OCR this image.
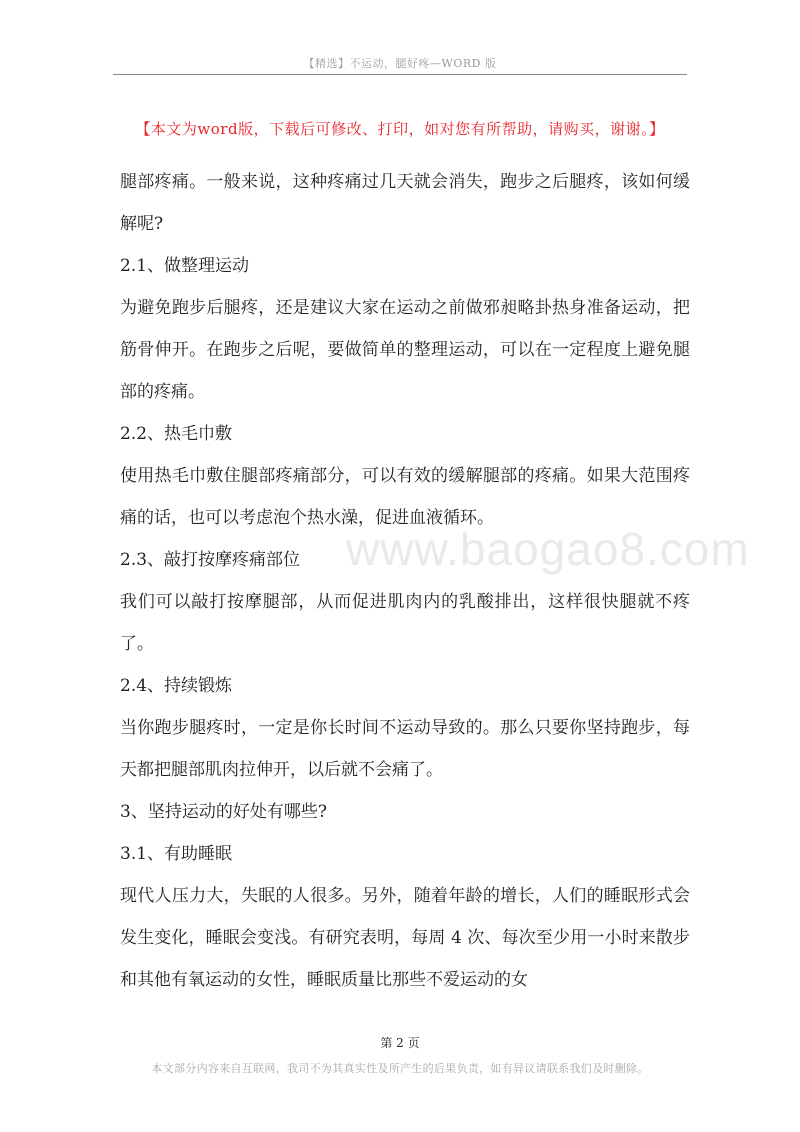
【精选】不运动，腿好疼—WORD 版
【本文为word版，下载后可修改、打印，如对您有所帮助，请购买，谢谢。】
www.baogao8.com

腿部疼痛。一般来说，这种疼痛过几天就会消失，跑步之后腿疼，该如何缓解呢?

2.1、做整理运动

为避免跑步后腿疼，还是建议大家在运动之前做邪昶略卦热身准备运动，把筋骨伸开。在跑步之后呢，要做简单的整理运动，可以在一定程度上避免腿部的疼痛。

2.2、热毛巾敷

使用热毛巾敷住腿部疼痛部分，可以有效的缓解腿部的疼痛。如果大范围疼痛的话，也可以考虑泡个热水澡，促进血液循环。

2.3、敲打按摩疼痛部位

我们可以敲打按摩腿部，从而促进肌肉内的乳酸排出，这样很快腿就不疼了。

2.4、持续锻炼

当你跑步腿疼时，一定是你长时间不运动导致的。那么只要你坚持跑步，每天都把腿部肌肉拉伸开，以后就不会痛了。

3、坚持运动的好处有哪些?

3.1、有助睡眠

现代人压力大，失眠的人很多。另外，随着年龄的增长，人们的睡眠形式会发生变化，睡眠会变浅。有研究表明，每周 4 次、每次至少用一小时来散步和其他有氧运动的女性，睡眠质量比那些不爱运动的女

第 2 页
本文部分内容来自互联网，我司不为其真实性及所产生的后果负责，如有异议请联系我们及时删除。
